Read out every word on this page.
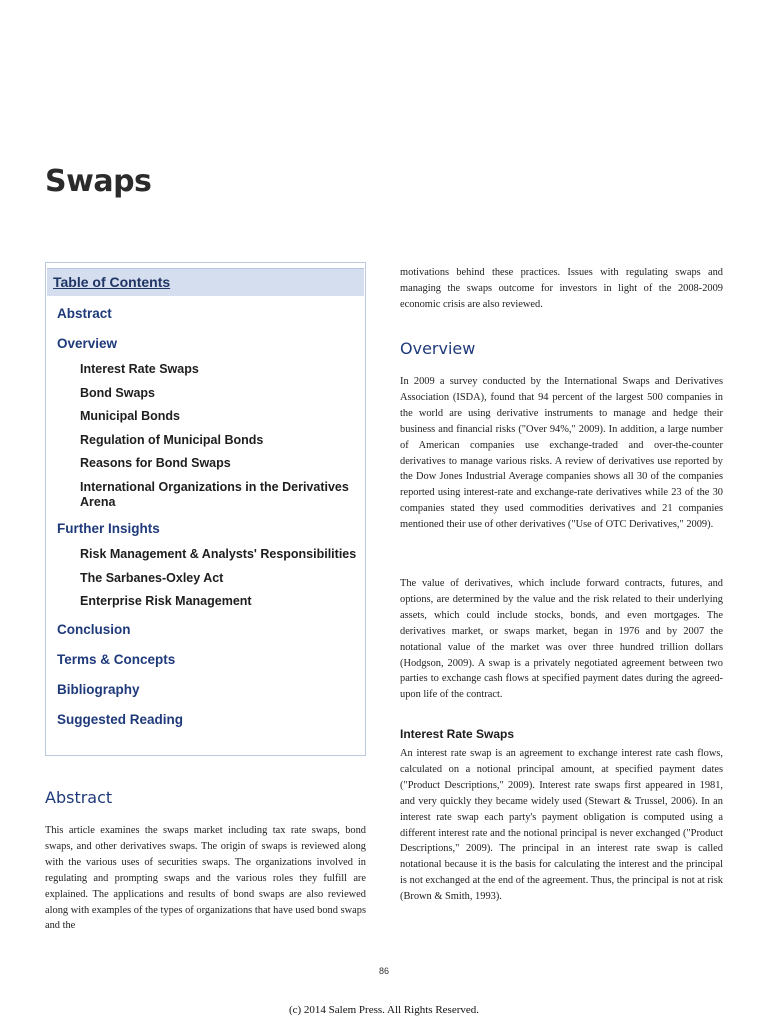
Swaps
Table of Contents
Abstract
Overview
Interest Rate Swaps
Bond Swaps
Municipal Bonds
Regulation of Municipal Bonds
Reasons for Bond Swaps
International Organizations in the Derivatives Arena
Further Insights
Risk Management & Analysts' Responsibilities
The Sarbanes-Oxley Act
Enterprise Risk Management
Conclusion
Terms & Concepts
Bibliography
Suggested Reading
Abstract

This article examines the swaps market including tax rate swaps, bond swaps, and other derivatives swaps. The origin of swaps is reviewed along with the various uses of securities swaps. The organizations involved in regulating and prompting swaps and the various roles they fulfill are explained. The applications and results of bond swaps are also reviewed along with examples of the types of organizations that have used bond swaps and the

motivations behind these practices. Issues with regulating swaps and managing the swaps outcome for investors in light of the 2008-2009 economic crisis are also reviewed.

Overview

In 2009 a survey conducted by the International Swaps and Derivatives Association (ISDA), found that 94 percent of the largest 500 companies in the world are using derivative instruments to manage and hedge their business and financial risks ("Over 94%," 2009). In addition, a large number of American companies use exchange-traded and over-the-counter derivatives to manage various risks. A review of derivatives use reported by the Dow Jones Industrial Average companies shows all 30 of the companies reported using interest-rate and exchange-rate derivatives while 23 of the 30 companies stated they used commodities derivatives and 21 companies mentioned their use of other derivatives ("Use of OTC Derivatives," 2009).

The value of derivatives, which include forward contracts, futures, and options, are determined by the value and the risk related to their underlying assets, which could include stocks, bonds, and even mortgages. The derivatives market, or swaps market, began in 1976 and by 2007 the notational value of the market was over three hundred trillion dollars (Hodgson, 2009). A swap is a privately negotiated agreement between two parties to exchange cash flows at specified payment dates during the agreed-upon life of the contract.

Interest Rate Swaps

An interest rate swap is an agreement to exchange interest rate cash flows, calculated on a notional principal amount, at specified payment dates ("Product Descriptions," 2009). Interest rate swaps first appeared in 1981, and very quickly they became widely used (Stewart & Trussel, 2006). In an interest rate swap each party's payment obligation is computed using a different interest rate and the notional principal is never exchanged ("Product Descriptions," 2009). The principal in an interest rate swap is called notational because it is the basis for calculating the interest and the principal is not exchanged at the end of the agreement. Thus, the principal is not at risk (Brown & Smith, 1993).

86
(c) 2014 Salem Press. All Rights Reserved.
